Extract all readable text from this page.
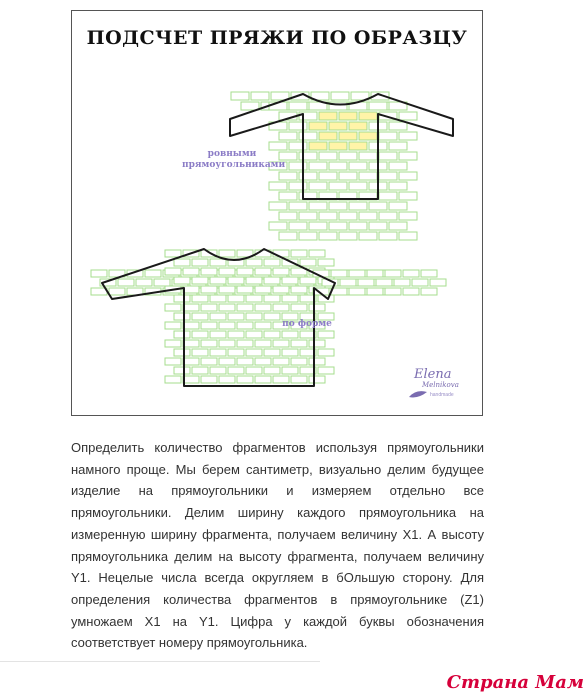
ПОДСЧЕТ ПРЯЖИ ПО ОБРАЗЦУ
ровными
прямоугольниками
по форме
Elena
Melnikova
handmade

Определить количество фрагментов используя прямоугольники намного проще. Мы берем сантиметр, визуально делим будущее изделие на прямоугольники и измеряем отдельно все прямоугольники. Делим ширину каждого прямоугольника на измеренную ширину фрагмента, получаем величину X1. А высоту прямоугольника делим на высоту фрагмента, получаем величину Y1. Нецелые числа всегда округляем в бОльшую сторону. Для определения количества фрагментов в прямоугольнике (Z1) умножаем X1 на Y1. Цифра у каждой буквы обозначения соответствует номеру прямоугольника.

Страна Мам
